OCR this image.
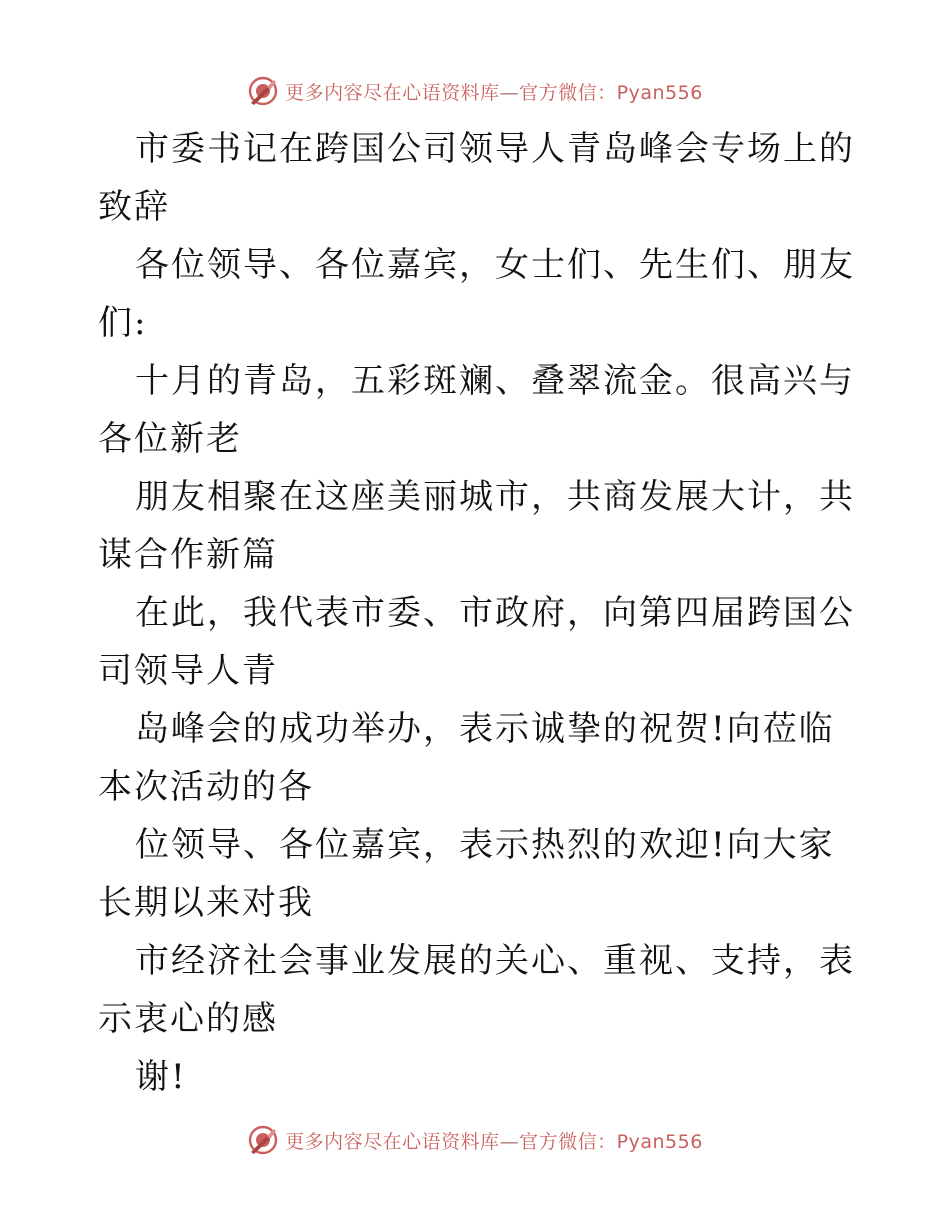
更多内容尽在心语资料库—官方微信：Pyan556

市委书记在跨国公司领导人青岛峰会专场上的致辞

各位领导、各位嘉宾，女士们、先生们、朋友们:

十月的青岛，五彩斑斓、叠翠流金。很高兴与各位新老

朋友相聚在这座美丽城市，共商发展大计，共谋合作新篇

在此，我代表市委、市政府，向第四届跨国公司领导人青

岛峰会的成功举办，表示诚挚的祝贺!向莅临本次活动的各

位领导、各位嘉宾，表示热烈的欢迎!向大家长期以来对我

市经济社会事业发展的关心、重视、支持，表示衷心的感

谢!

更多内容尽在心语资料库—官方微信：Pyan556
